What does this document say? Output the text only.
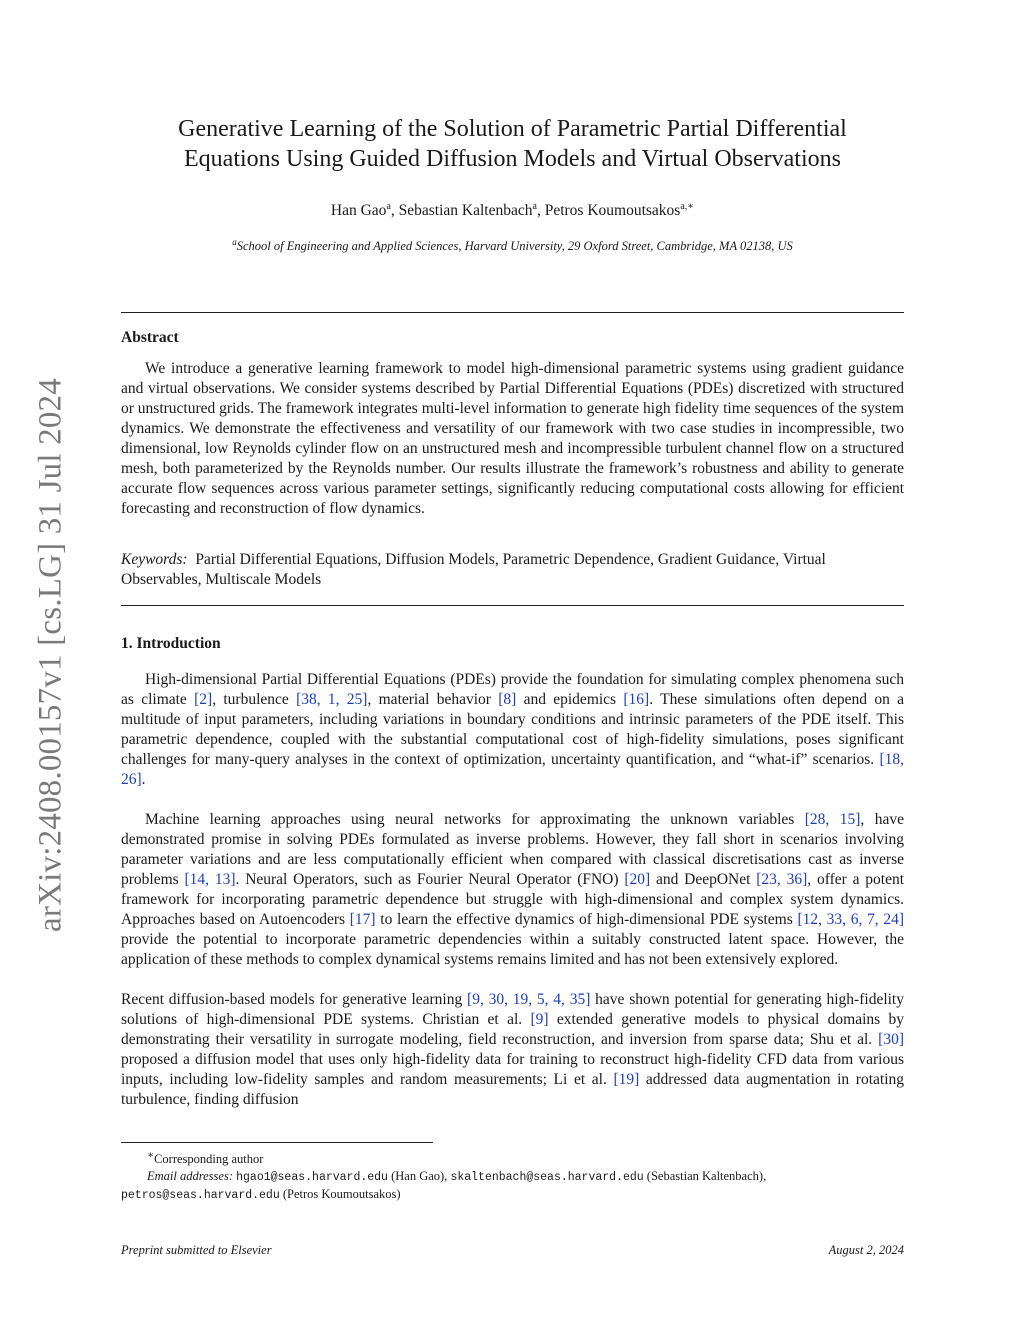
arXiv:2408.00157v1 [cs.LG] 31 Jul 2024
Generative Learning of the Solution of Parametric Partial Differential
Equations Using Guided Diffusion Models and Virtual Observations
Han Gao$^a$, Sebastian Kaltenbach$^a$, Petros Koumoutsakos$^{a,∗}$
$^a$School of Engineering and Applied Sciences, Harvard University, 29 Oxford Street, Cambridge, MA 02138, US
Abstract

We introduce a generative learning framework to model high-dimensional parametric systems using gradient guidance and virtual observations. We consider systems described by Partial Differential Equations (PDEs) discretized with structured or unstructured grids. The framework integrates multi-level information to generate high fidelity time sequences of the system dynamics. We demonstrate the effectiveness and versatility of our framework with two case studies in incompressible, two dimensional, low Reynolds cylinder flow on an unstructured mesh and incompressible turbulent channel flow on a structured mesh, both parameterized by the Reynolds number. Our results illustrate the framework’s robustness and ability to generate accurate flow sequences across various parameter settings, significantly reducing computational costs allowing for efficient forecasting and reconstruction of flow dynamics.

Keywords: Partial Differential Equations, Diffusion Models, Parametric Dependence, Gradient Guidance, Virtual Observables, Multiscale Models

1. Introduction

High-dimensional Partial Differential Equations (PDEs) provide the foundation for simulating complex phenomena such as climate [2], turbulence [38, 1, 25], material behavior [8] and epidemics [16]. These simulations often depend on a multitude of input parameters, including variations in boundary conditions and intrinsic parameters of the PDE itself. This parametric dependence, coupled with the substantial computational cost of high-fidelity simulations, poses significant challenges for many-query analyses in the context of optimization, uncertainty quantification, and “what-if” scenarios. [18, 26].

Machine learning approaches using neural networks for approximating the unknown variables [28, 15], have demonstrated promise in solving PDEs formulated as inverse problems. However, they fall short in scenarios involving parameter variations and are less computationally efficient when compared with classical discretisations cast as inverse problems [14, 13]. Neural Operators, such as Fourier Neural Operator (FNO) [20] and DeepONet [23, 36], offer a potent framework for incorporating parametric dependence but struggle with high-dimensional and complex system dynamics. Approaches based on Autoencoders [17] to learn the effective dynamics of high-dimensional PDE systems [12, 33, 6, 7, 24] provide the potential to incorporate parametric dependencies within a suitably constructed latent space. However, the application of these methods to complex dynamical systems remains limited and has not been extensively explored.

Recent diffusion-based models for generative learning [9, 30, 19, 5, 4, 35] have shown potential for generating high-fidelity solutions of high-dimensional PDE systems. Christian et al. [9] extended generative models to physical domains by demonstrating their versatility in surrogate modeling, field reconstruction, and inversion from sparse data; Shu et al. [30] proposed a diffusion model that uses only high-fidelity data for training to reconstruct high-fidelity CFD data from various inputs, including low-fidelity samples and random measurements; Li et al. [19] addressed data augmentation in rotating turbulence, finding diffusion

∗Corresponding author
Email addresses: hgao1@seas.harvard.edu (Han Gao), skaltenbach@seas.harvard.edu (Sebastian Kaltenbach),
petros@seas.harvard.edu (Petros Koumoutsakos)
Preprint submitted to Elsevier	August 2, 2024
